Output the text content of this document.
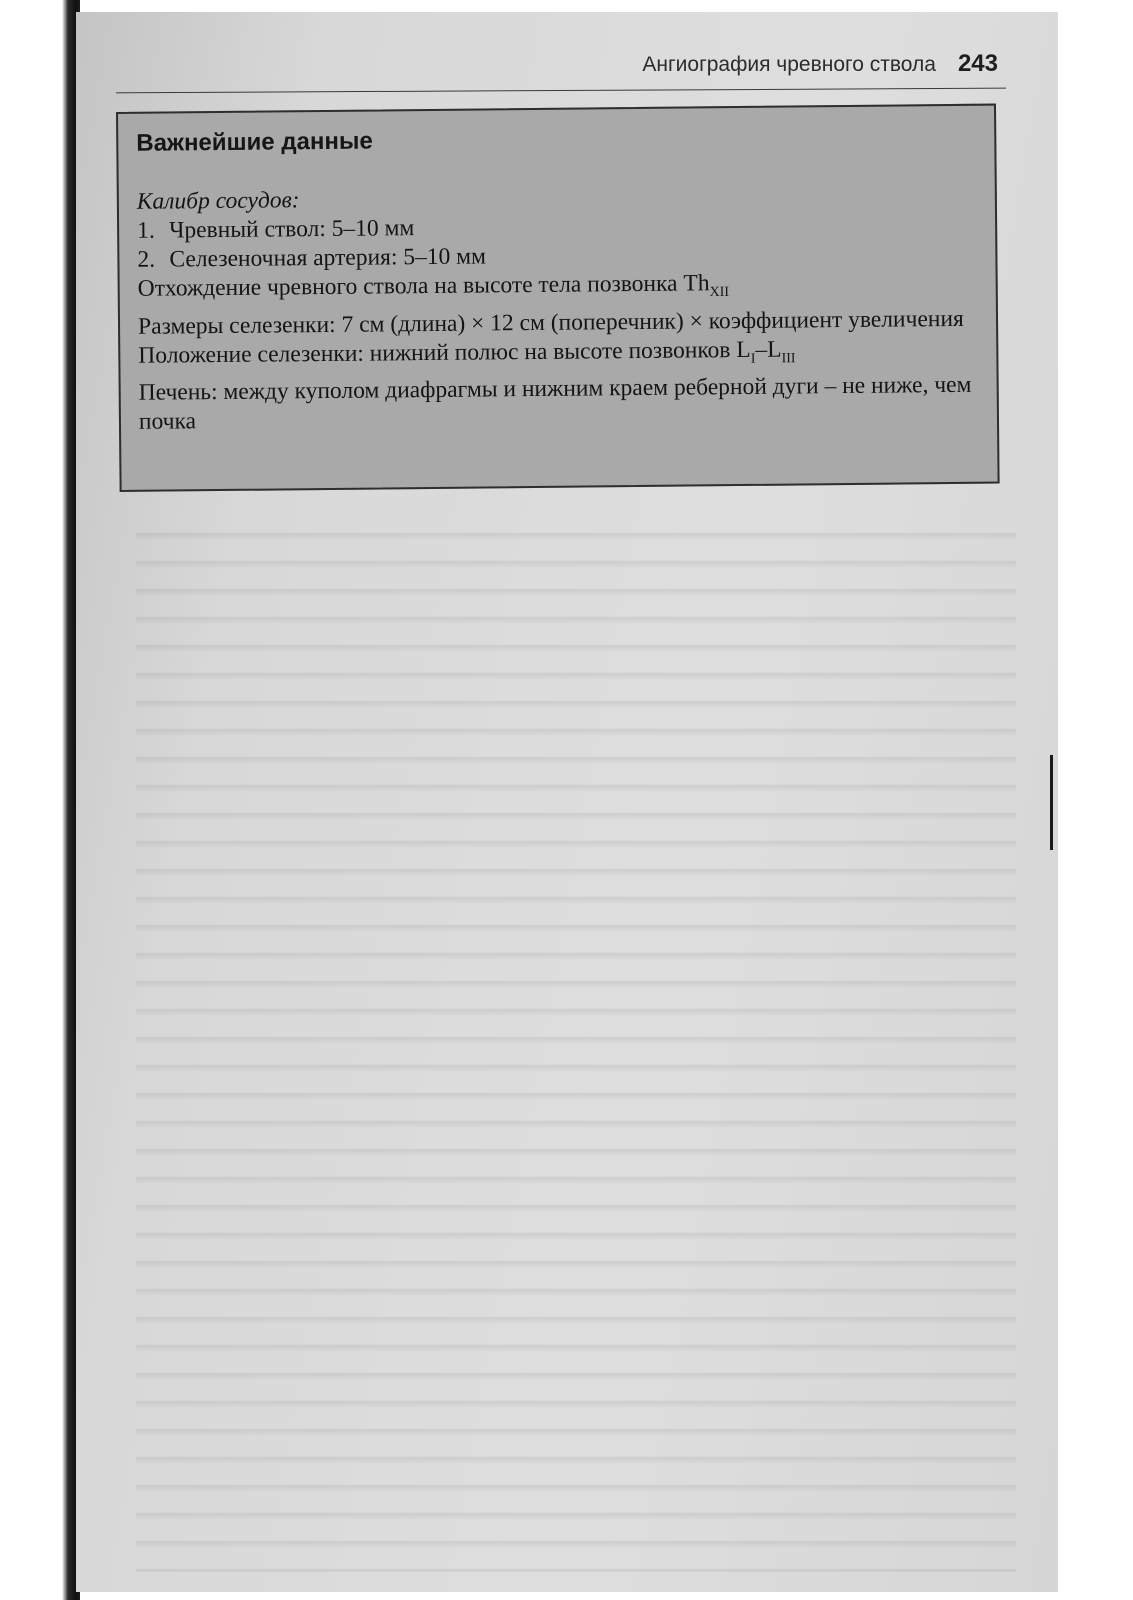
Ангиография чревного ствола 243
Важнейшие данные
Калибр сосудов:
1. Чревный ствол: 5–10 мм
2. Селезеночная артерия: 5–10 мм
Отхождение чревного ствола на высоте тела позвонка $Th_{XII}$
Размеры селезенки: 7 см (длина) × 12 см (поперечник) × коэффициент увеличения
Положение селезенки: нижний полюс на высоте позвонков $L_I-L_{III}$
Печень: между куполом диафрагмы и нижним краем реберной дуги – не ниже, чем почка
